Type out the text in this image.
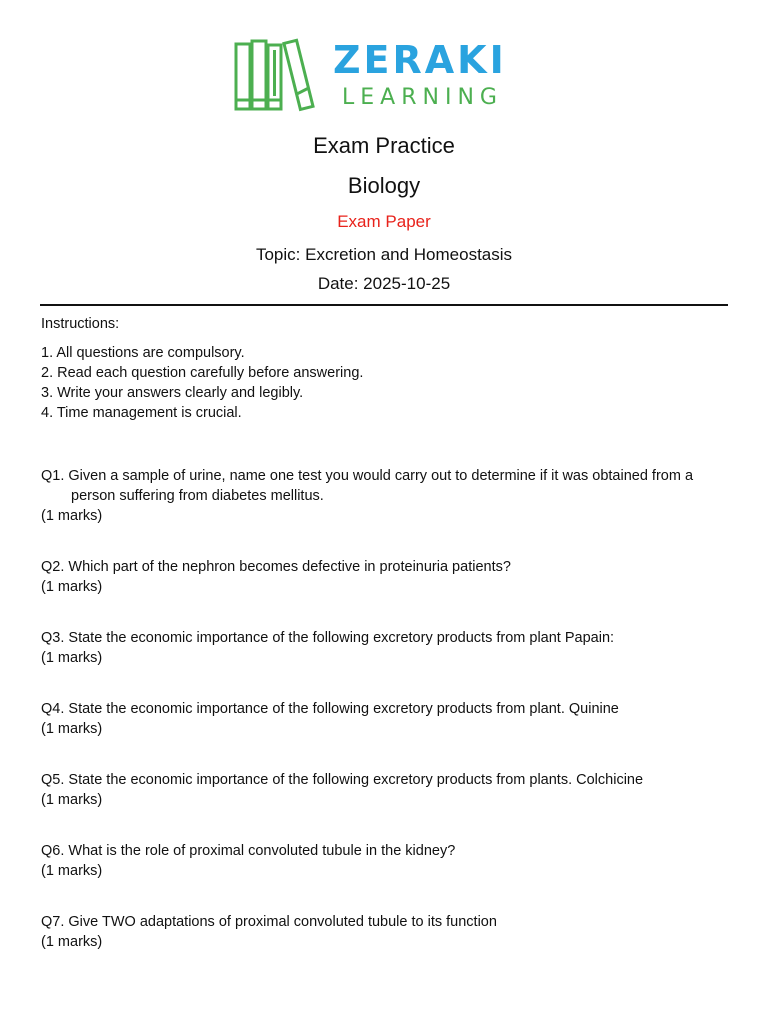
ZERAKI
LEARNING
Exam Practice
Biology
Exam Paper
Topic: Excretion and Homeostasis
Date: 2025-10-25
Instructions:
1. All questions are compulsory.
2. Read each question carefully before answering.
3. Write your answers clearly and legibly.
4. Time management is crucial.
Q1. Given a sample of urine, name one test you would carry out to determine if it was obtained from a person suffering from diabetes mellitus.
(1 marks)
Q2. Which part of the nephron becomes defective in proteinuria patients?
(1 marks)
Q3. State the economic importance of the following excretory products from plant Papain:
(1 marks)
Q4. State the economic importance of the following excretory products from plant. Quinine
(1 marks)
Q5. State the economic importance of the following excretory products from plants. Colchicine
(1 marks)
Q6. What is the role of proximal convoluted tubule in the kidney?
(1 marks)
Q7. Give TWO adaptations of proximal convoluted tubule to its function
(1 marks)
